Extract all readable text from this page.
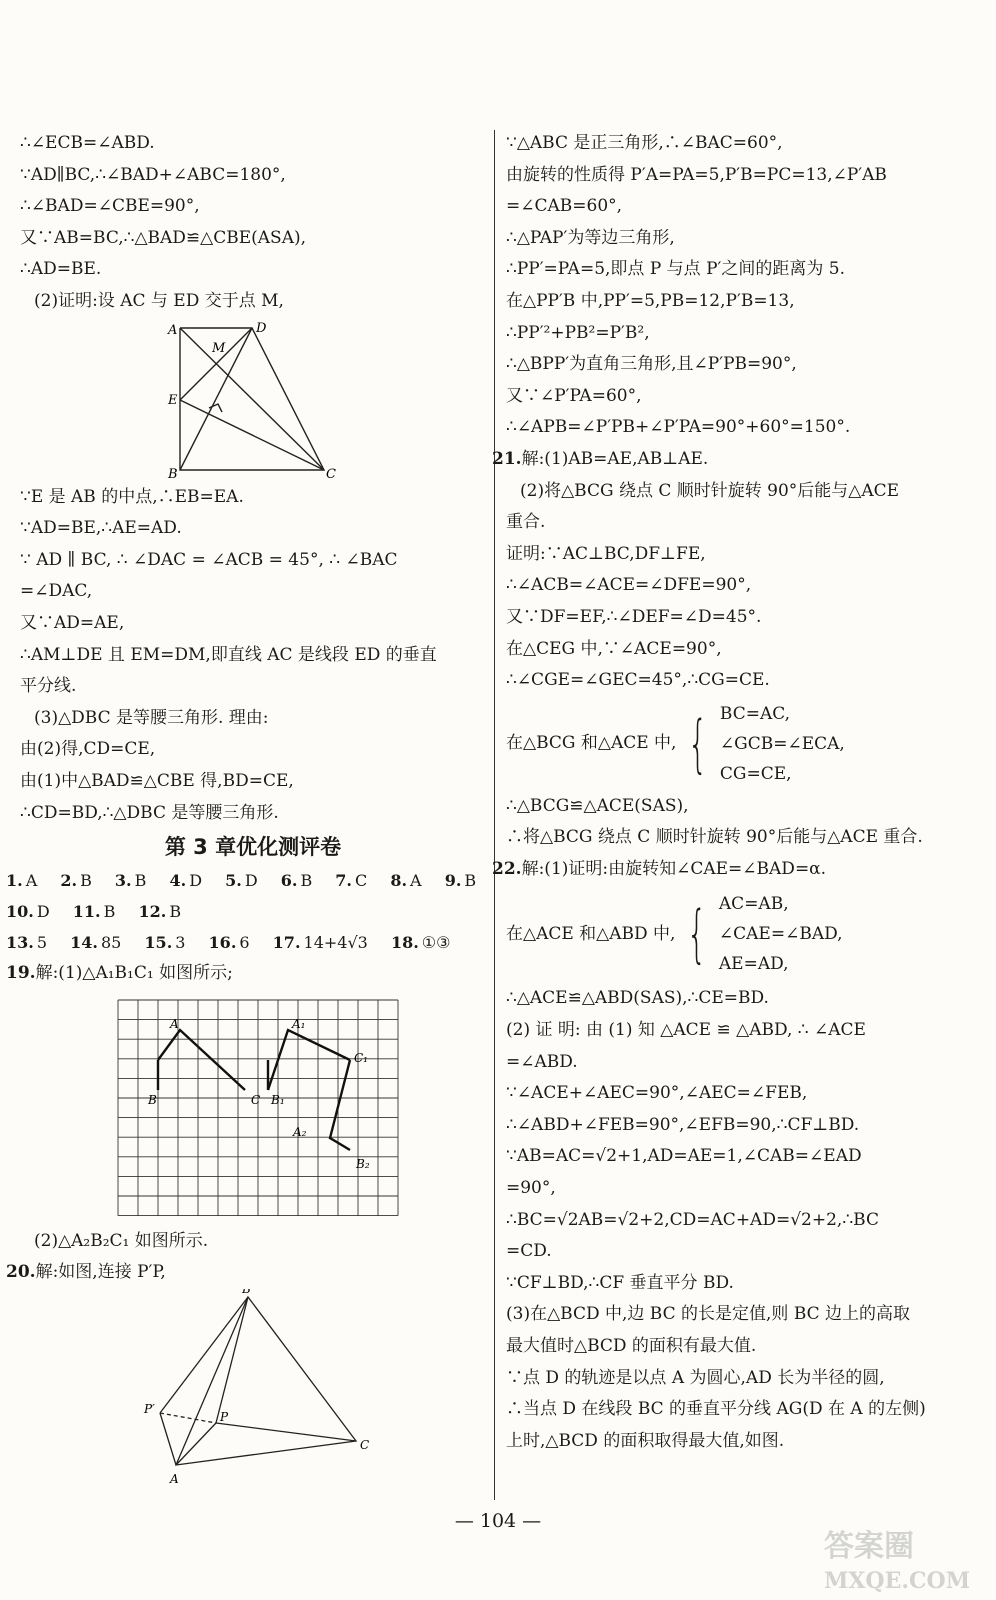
∴∠ECB=∠ABD.
∵AD∥BC,∴∠BAD+∠ABC=180°,
∴∠BAD=∠CBE=90°,
又∵AB=BC,∴△BAD≌△CBE(ASA),
∴AD=BE.
(2)证明:设 AC 与 ED 交于点 M,
A	D
M
E
B	C
∵E 是 AB 的中点,∴EB=EA.
∵AD=BE,∴AE=AD.
∵ AD ∥ BC, ∴ ∠DAC = ∠ACB = 45°, ∴ ∠BAC
=∠DAC,
又∵AD=AE,
∴AM⊥DE 且 EM=DM,即直线 AC 是线段 ED 的垂直
平分线.
(3)△DBC 是等腰三角形. 理由:
由(2)得,CD=CE,
由(1)中△BAD≌△CBE 得,BD=CE,
∴CD=BD,∴△DBC 是等腰三角形.
第 3 章优化测评卷
1. A 2. B 3. B 4. D 5. D 6. B 7. C 8. A 9. B
10. D 11. B 12. B
13. 5 14. 85 15. 3 16. 6 17. 14+4√3 18. ①③
19.解:(1)△A₁B₁C₁ 如图所示;
A
B	C
A₁
B₁
C₁
A₂
B₂
(2)△A₂B₂C₁ 如图所示.
20.解:如图,连接 P′P,
B
P′
P
C
A
∵△ABC 是正三角形,∴∠BAC=60°,
由旋转的性质得 P′A=PA=5,P′B=PC=13,∠P′AB
=∠CAB=60°,
∴△PAP′为等边三角形,
∴PP′=PA=5,即点 P 与点 P′之间的距离为 5.
在△PP′B 中,PP′=5,PB=12,P′B=13,
∴PP′²+PB²=P′B²,
∴△BPP′为直角三角形,且∠P′PB=90°,
又∵∠P′PA=60°,
∴∠APB=∠P′PB+∠P′PA=90°+60°=150°.
21.解:(1)AB=AE,AB⊥AE.
(2)将△BCG 绕点 C 顺时针旋转 90°后能与△ACE
重合.
证明:∵AC⊥BC,DF⊥FE,
∴∠ACB=∠ACE=∠DFE=90°,
又∵DF=EF,∴∠DEF=∠D=45°.
在△CEG 中,∵∠ACE=90°,
∴∠CGE=∠GEC=45°,∴CG=CE.
在△BCG 和△ACE 中, { BC=AC,
∠GCB=∠ECA,
CG=CE,
∴△BCG≌△ACE(SAS),
∴将△BCG 绕点 C 顺时针旋转 90°后能与△ACE 重合.
22.解:(1)证明:由旋转知∠CAE=∠BAD=α.
在△ACE 和△ABD 中, { AC=AB,
∠CAE=∠BAD,
AE=AD,
∴△ACE≌△ABD(SAS),∴CE=BD.
(2) 证 明: 由 (1) 知 △ACE ≌ △ABD, ∴ ∠ACE
=∠ABD.
∵∠ACE+∠AEC=90°,∠AEC=∠FEB,
∴∠ABD+∠FEB=90°,∠EFB=90,∴CF⊥BD.
∵AB=AC=√2+1,AD=AE=1,∠CAB=∠EAD
=90°,
∴BC=√2AB=√2+2,CD=AC+AD=√2+2,∴BC
=CD.
∵CF⊥BD,∴CF 垂直平分 BD.
(3)在△BCD 中,边 BC 的长是定值,则 BC 边上的高取
最大值时△BCD 的面积有最大值.
∵点 D 的轨迹是以点 A 为圆心,AD 长为半径的圆,
∴当点 D 在线段 BC 的垂直平分线 AG(D 在 A 的左侧)
上时,△BCD 的面积取得最大值,如图.
— 104 —
答案圈
MXQE.COM
